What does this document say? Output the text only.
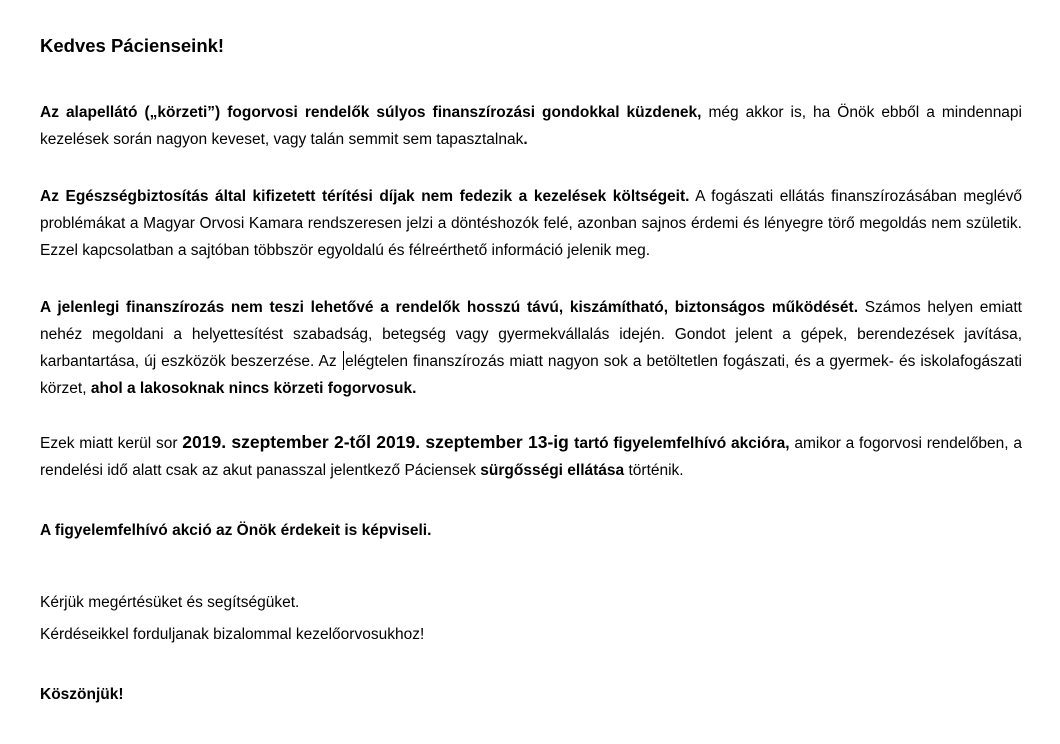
Kedves Pácienseink!

Az alapellátó („körzeti”) fogorvosi rendelők súlyos finanszírozási gondokkal küzdenek, még akkor is, ha Önök ebből a mindennapi kezelések során nagyon keveset, vagy talán semmit sem tapasztalnak.

Az Egészségbiztosítás által kifizetett térítési díjak nem fedezik a kezelések költségeit. A fogászati ellátás finanszírozásában meglévő problémákat a Magyar Orvosi Kamara rendszeresen jelzi a döntéshozók felé, azonban sajnos érdemi és lényegre törő megoldás nem születik. Ezzel kapcsolatban a sajtóban többször egyoldalú és félreérthető információ jelenik meg.

A jelenlegi finanszírozás nem teszi lehetővé a rendelők hosszú távú, kiszámítható, biztonságos működését. Számos helyen emiatt nehéz megoldani a helyettesítést szabadság, betegség vagy gyermekvállalás idején. Gondot jelent a gépek, berendezések javítása, karbantartása, új eszközök beszerzése. Az elégtelen finanszírozás miatt nagyon sok a betöltetlen fogászati, és a gyermek- és iskolafogászati körzet, ahol a lakosoknak nincs körzeti fogorvosuk.

Ezek miatt kerül sor 2019. szeptember 2-től 2019. szeptember 13-ig tartó figyelemfelhívó akcióra, amikor a fogorvosi rendelőben, a rendelési idő alatt csak az akut panasszal jelentkező Páciensek sürgősségi ellátása történik.

A figyelemfelhívó akció az Önök érdekeit is képviseli.

Kérjük megértésüket és segítségüket.

Kérdéseikkel forduljanak bizalommal kezelőorvosukhoz!

Köszönjük!
